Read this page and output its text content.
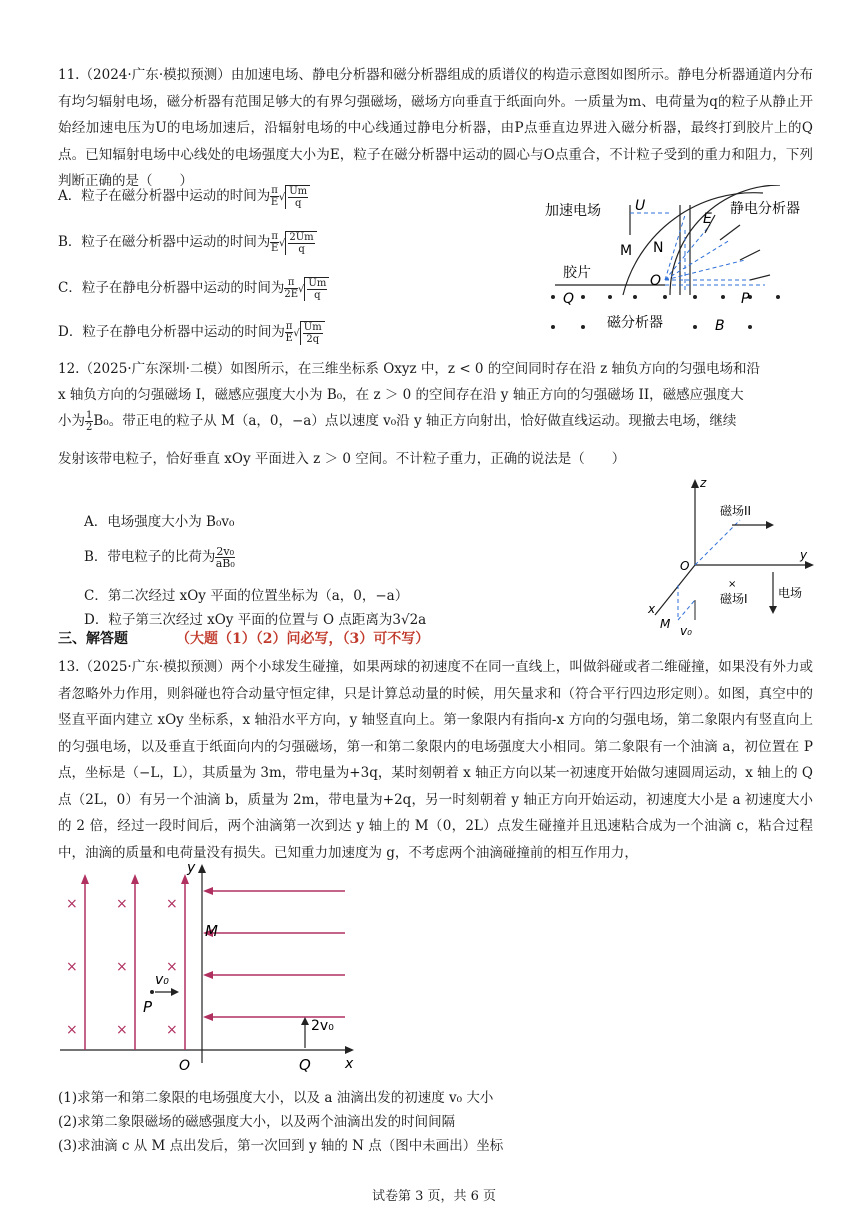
11.（2024·广东·模拟预测）由加速电场、静电分析器和磁分析器组成的质谱仪的构造示意图如图所示。静电分析器通道内分布有均匀辐射电场，磁分析器有范围足够大的有界匀强磁场，磁场方向垂直于纸面向外。一质量为m、电荷量为q的粒子从静止开始经加速电压为U的电场加速后，沿辐射电场的中心线通过静电分析器，由P点垂直边界进入磁分析器，最终打到胶片上的Q点。已知辐射电场中心线处的电场强度大小为E，粒子在磁分析器中运动的圆心与O点重合，不计粒子受到的重力和阻力，下列判断正确的是（　　）
A．粒子在磁分析器中运动的时间为 $\frac{\pi}{E}$ √ $\frac{Um}{q}$
B．粒子在磁分析器中运动的时间为 $\frac{\pi}{E}$ √ $\frac{2Um}{q}$
C．粒子在静电分析器中运动的时间为 $\frac{\pi}{2E}$ √ $\frac{Um}{q}$
D．粒子在静电分析器中运动的时间为 $\frac{\pi}{E}$ √ $\frac{Um}{2q}$
加速电场	静电分析器
U
E
M N
O
P
Q
胶片
磁分析器	B
12.（2025·广东深圳·二模）如图所示，在三维坐标系 Oxyz 中，z < 0 的空间同时存在沿 z 轴负方向的匀强电场和沿
x 轴负方向的匀强磁场 I，磁感应强度大小为 B₀，在 z ＞ 0 的空间存在沿 y 轴正方向的匀强磁场 II，磁感应强度大
小为 $\frac{1}{2} B_0$。带正电的粒子从 M（a，0，−a）点以速度 v₀沿 y 轴正方向射出，恰好做直线运动。现撤去电场，继续
发射该带电粒子，恰好垂直 xOy 平面进入 z ＞ 0 空间。不计粒子重力，正确的说法是（　　）
A．电场强度大小为 B₀v₀
B．带电粒子的比荷为 $\frac{\text{2v₀}}{\text{aB₀}}$
C．第二次经过 xOy 平面的位置坐标为（a，0，−a）
D．粒子第三次经过 xOy 平面的位置与 O 点距离为3√2a
z
y
x
O
M v₀
磁场II
磁场I
×
电场
三、解答题	（大题（1）（2）问必写，（3）可不写）
13.（2025·广东·模拟预测）两个小球发生碰撞，如果两球的初速度不在同一直线上，叫做斜碰或者二维碰撞，如果没有外力或者忽略外力作用，则斜碰也符合动量守恒定律，只是计算总动量的时候，用矢量求和（符合平行四边形定则）。如图，真空中的竖直平面内建立 xOy 坐标系，x 轴沿水平方向，y 轴竖直向上。第一象限内有指向-x 方向的匀强电场，第二象限内有竖直向上的匀强电场，以及垂直于纸面向内的匀强磁场，第一和第二象限内的电场强度大小相同。第二象限有一个油滴 a，初位置在 P 点，坐标是（−L，L），其质量为 3m，带电量为+3q，某时刻朝着 x 轴正方向以某一初速度开始做匀速圆周运动，x 轴上的 Q 点（2L，0）有另一个油滴 b，质量为 2m，带电量为+2q，另一时刻朝着 y 轴正方向开始运动，初速度大小是 a 初速度大小的 2 倍，经过一段时间后，两个油滴第一次到达 y 轴上的 M（0，2L）点发生碰撞并且迅速粘合成为一个油滴 c，粘合过程中，油滴的质量和电荷量没有损失。已知重力加速度为 g，不考虑两个油滴碰撞前的相互作用力，
×	×	×
×	×	×
×	×	×
y
x
O
M
P
Q
v₀
2v₀
(1)求第一和第二象限的电场强度大小，以及 a 油滴出发的初速度 v₀ 大小
(2)求第二象限磁场的磁感强度大小，以及两个油滴出发的时间间隔
(3)求油滴 c 从 M 点出发后，第一次回到 y 轴的 N 点（图中未画出）坐标
试卷第 3 页，共 6 页
